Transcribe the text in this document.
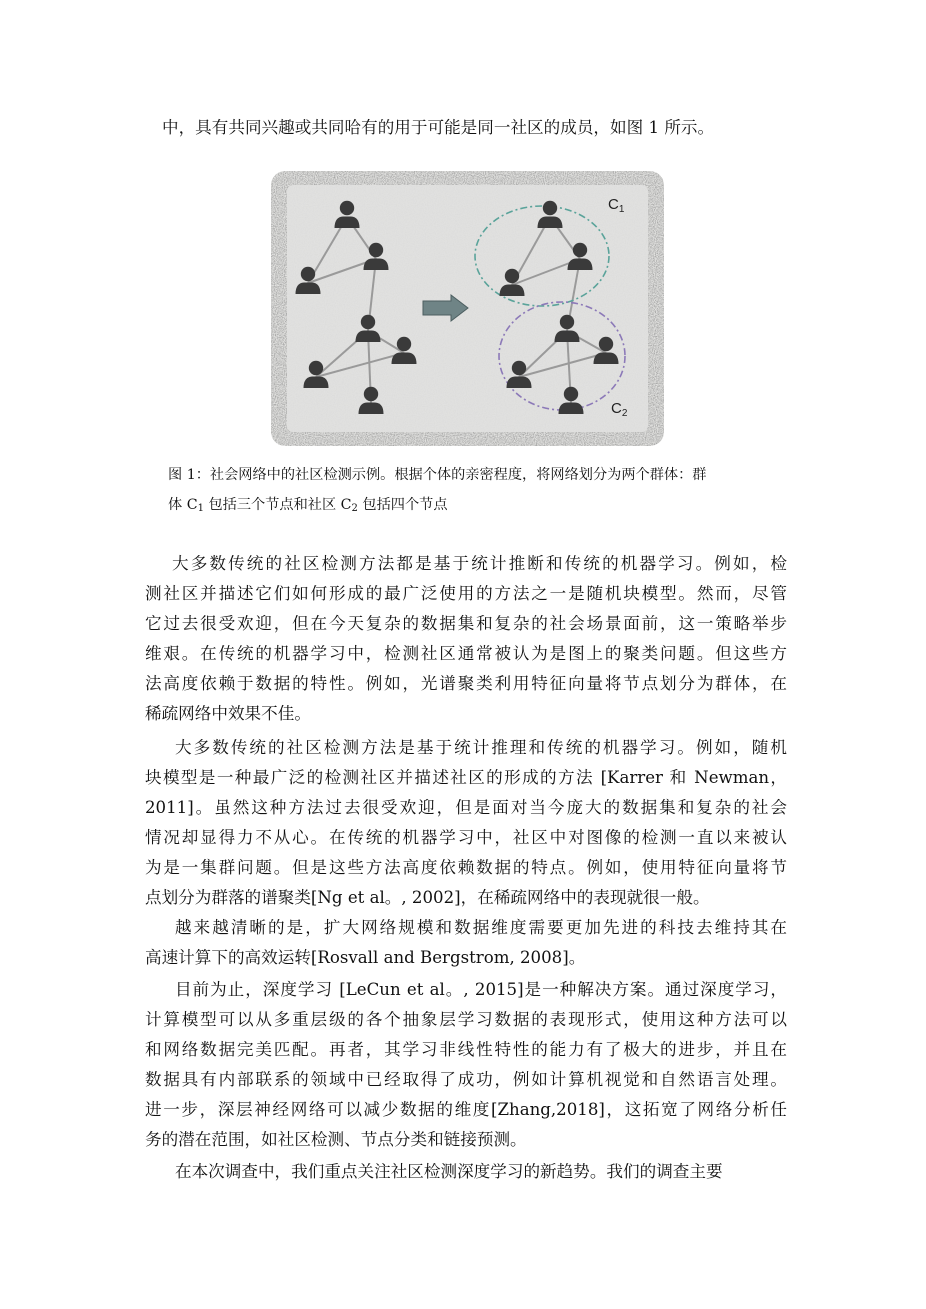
中，具有共同兴趣或共同哈有的用于可能是同一社区的成员，如图 1 所示。
$C_1$
$C_2$
图 1：社会网络中的社区检测示例。根据个体的亲密程度，将网络划分为两个群体：群
体 $C_1$ 包括三个节点和社区 $C_2$ 包括四个节点
大多数传统的社区检测方法都是基于统计推断和传统的机器学习。例如，检
测社区并描述它们如何形成的最广泛使用的方法之一是随机块模型。然而，尽管
它过去很受欢迎，但在今天复杂的数据集和复杂的社会场景面前，这一策略举步
维艰。在传统的机器学习中，检测社区通常被认为是图上的聚类问题。但这些方
法高度依赖于数据的特性。例如，光谱聚类利用特征向量将节点划分为群体，在
稀疏网络中效果不佳。
大多数传统的社区检测方法是基于统计推理和传统的机器学习。例如，随机
块模型是一种最广泛的检测社区并描述社区的形成的方法 [Karrer 和 Newman，
2011]。虽然这种方法过去很受欢迎，但是面对当今庞大的数据集和复杂的社会
情况却显得力不从心。在传统的机器学习中，社区中对图像的检测一直以来被认
为是一集群问题。但是这些方法高度依赖数据的特点。例如，使用特征向量将节
点划分为群落的谱聚类[Ng et al。, 2002]，在稀疏网络中的表现就很一般。
越来越清晰的是，扩大网络规模和数据维度需要更加先进的科技去维持其在
高速计算下的高效运转[Rosvall and Bergstrom, 2008]。
目前为止，深度学习 [LeCun et al。, 2015]是一种解决方案。通过深度学习，
计算模型可以从多重层级的各个抽象层学习数据的表现形式，使用这种方法可以
和网络数据完美匹配。再者，其学习非线性特性的能力有了极大的进步，并且在
数据具有内部联系的领域中已经取得了成功，例如计算机视觉和自然语言处理。
进一步，深层神经网络可以减少数据的维度[Zhang,2018]，这拓宽了网络分析任
务的潜在范围，如社区检测、节点分类和链接预测。
在本次调查中，我们重点关注社区检测深度学习的新趋势。我们的调查主要
